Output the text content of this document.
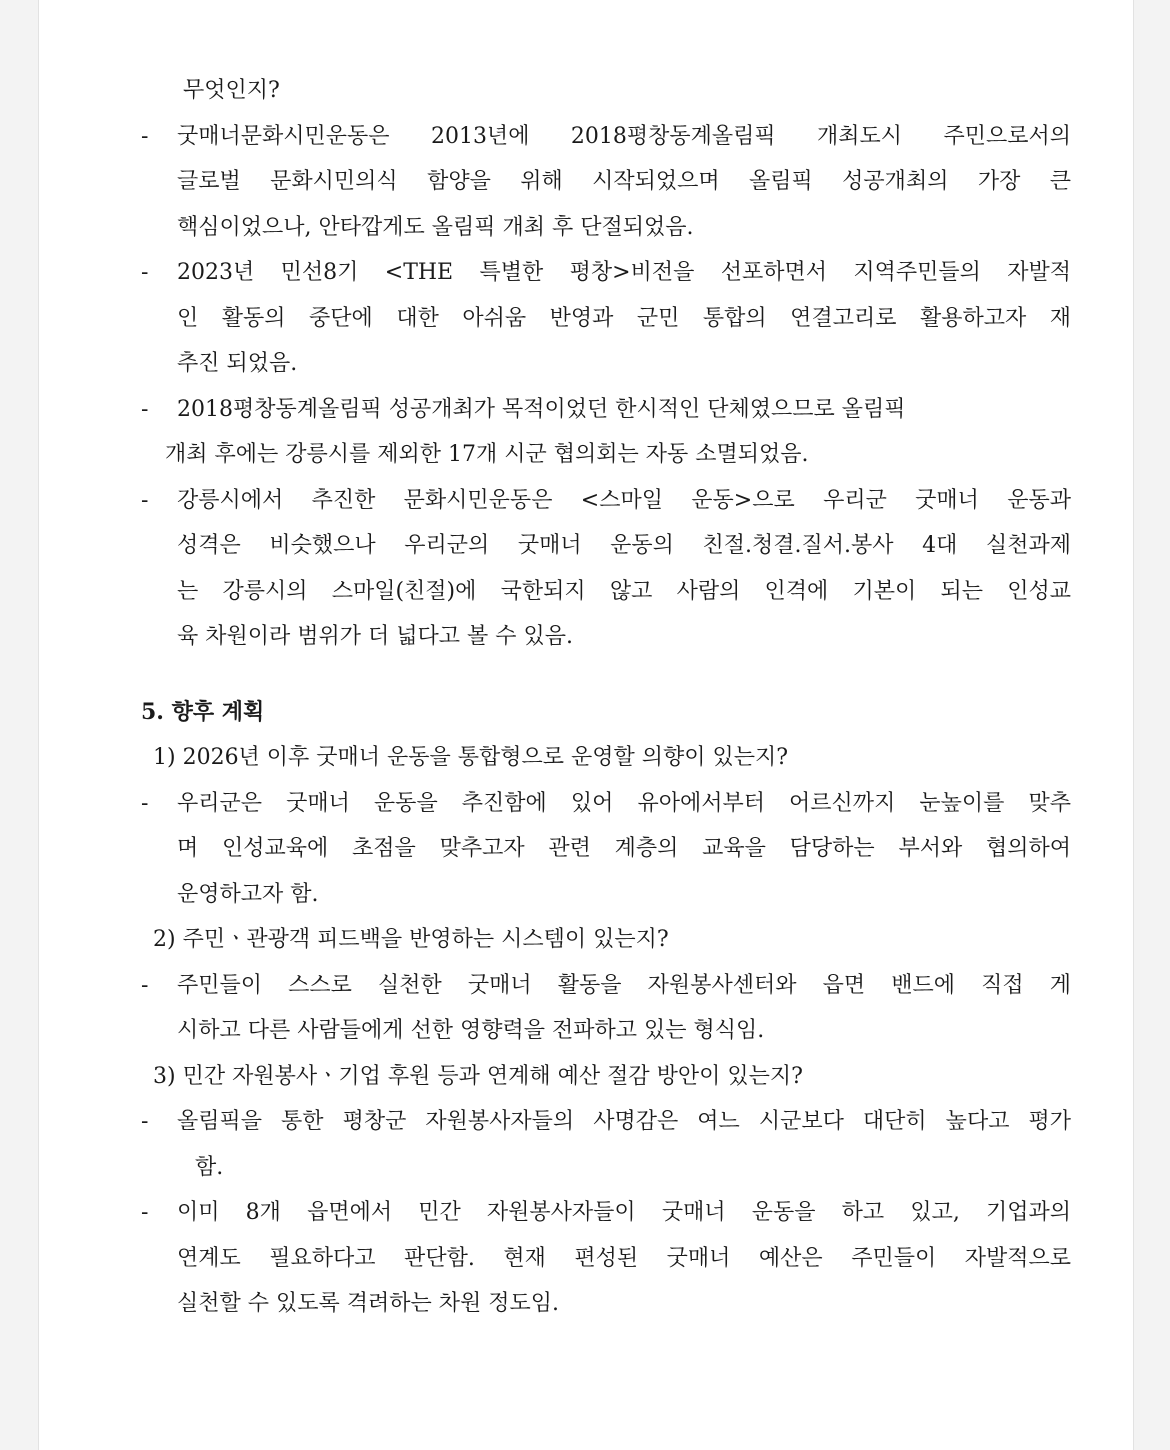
무엇인지?
- 굿매너문화시민운동은 2013년에 2018평창동계올림픽 개최도시 주민으로서의
글로벌 문화시민의식 함양을 위해 시작되었으며 올림픽 성공개최의 가장 큰
핵심이었으나, 안타깝게도 올림픽 개최 후 단절되었음.
- 2023년 민선8기 <THE 특별한 평창>비전을 선포하면서 지역주민들의 자발적
인 활동의 중단에 대한 아쉬움 반영과 군민 통합의 연결고리로 활용하고자 재
추진 되었음.
- 2018평창동계올림픽 성공개최가 목적이었던 한시적인 단체였으므로 올림픽
개최 후에는 강릉시를 제외한 17개 시군 협의회는 자동 소멸되었음.
- 강릉시에서 추진한 문화시민운동은 <스마일 운동>으로 우리군 굿매너 운동과
성격은 비슷했으나 우리군의 굿매너 운동의 친절.청결.질서.봉사 4대 실천과제
는 강릉시의 스마일(친절)에 국한되지 않고 사람의 인격에 기본이 되는 인성교
육 차원이라 범위가 더 넓다고 볼 수 있음.
5. 향후 계획
1) 2026년 이후 굿매너 운동을 통합형으로 운영할 의향이 있는지?
- 우리군은 굿매너 운동을 추진함에 있어 유아에서부터 어르신까지 눈높이를 맞추
며 인성교육에 초점을 맞추고자 관련 계층의 교육을 담당하는 부서와 협의하여
운영하고자 함.
2) 주민ㆍ관광객 피드백을 반영하는 시스템이 있는지?
- 주민들이 스스로 실천한 굿매너 활동을 자원봉사센터와 읍면 밴드에 직접 게
시하고 다른 사람들에게 선한 영향력을 전파하고 있는 형식임.
3) 민간 자원봉사ㆍ기업 후원 등과 연계해 예산 절감 방안이 있는지?
- 올림픽을 통한 평창군 자원봉사자들의 사명감은 여느 시군보다 대단히 높다고 평가
함.
- 이미 8개 읍면에서 민간 자원봉사자들이 굿매너 운동을 하고 있고, 기업과의
연계도 필요하다고 판단함. 현재 편성된 굿매너 예산은 주민들이 자발적으로
실천할 수 있도록 격려하는 차원 정도임.
